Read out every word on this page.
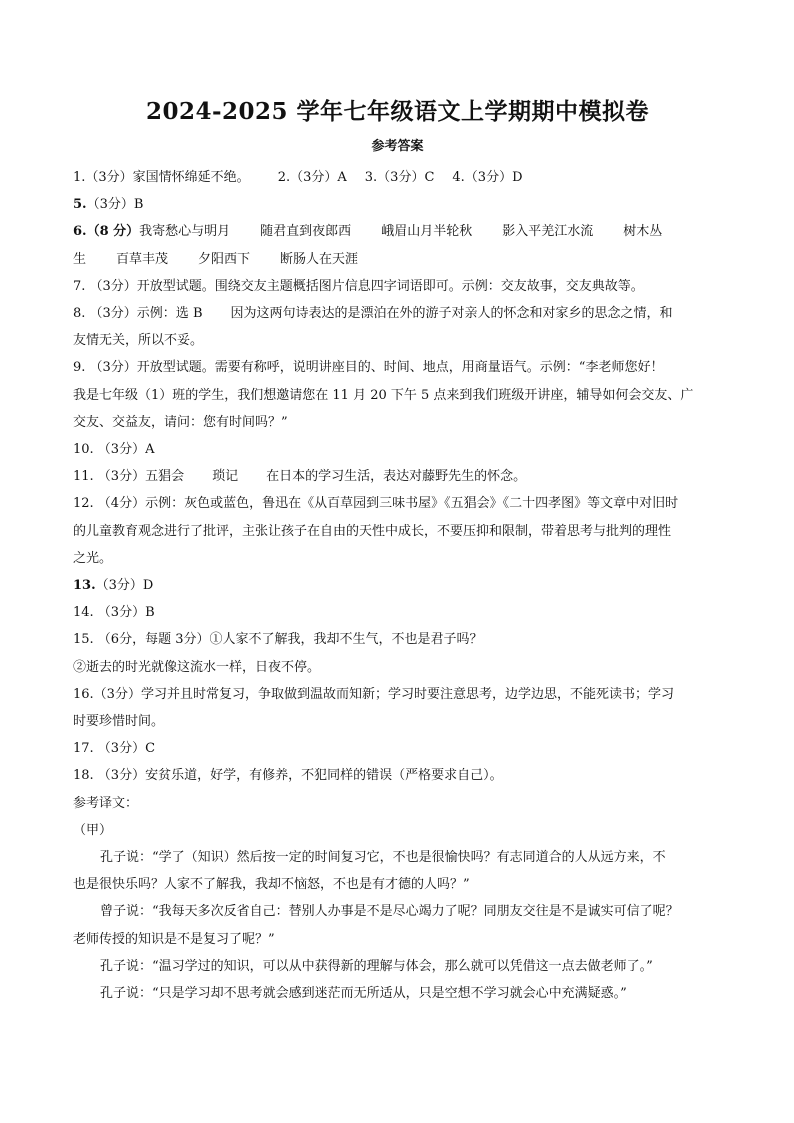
2024-2025 学年七年级语文上学期期中模拟卷
参考答案
1.（3分）家国情怀绵延不绝。 2.（3分）A 3.（3分）C 4.（3分）D
5.（3分）B
6.（8 分）我寄愁心与明月 随君直到夜郎西 峨眉山月半轮秋 影入平羌江水流 树木丛
生 百草丰茂 夕阳西下 断肠人在天涯
7. （3分）开放型试题。围绕交友主题概括图片信息四字词语即可。示例：交友故事，交友典故等。
8. （3分）示例：选 B 因为这两句诗表达的是漂泊在外的游子对亲人的怀念和对家乡的思念之情，和
友情无关，所以不妥。
9. （3分）开放型试题。需要有称呼，说明讲座目的、时间、地点，用商量语气。示例：“李老师您好！
我是七年级（1）班的学生，我们想邀请您在 11 月 20 下午 5 点来到我们班级开讲座，辅导如何会交友、广
交友、交益友，请问：您有时间吗？”
10. （3分）A
11. （3分）五猖会 琐记 在日本的学习生活，表达对藤野先生的怀念。
12. （4分）示例：灰色或蓝色，鲁迅在《从百草园到三味书屋》《五猖会》《二十四孝图》等文章中对旧时
的儿童教育观念进行了批评，主张让孩子在自由的天性中成长，不要压抑和限制，带着思考与批判的理性
之光。
13.（3分）D
14. （3分）B
15. （6分，每题 3分）①人家不了解我，我却不生气，不也是君子吗？
②逝去的时光就像这流水一样，日夜不停。
16.（3分）学习并且时常复习，争取做到温故而知新；学习时要注意思考，边学边思，不能死读书；学习
时要珍惜时间。
17. （3分）C
18. （3分）安贫乐道，好学，有修养，不犯同样的错误（严格要求自己）。
参考译文：
（甲）
孔子说：“学了（知识）然后按一定的时间复习它，不也是很愉快吗？有志同道合的人从远方来，不
也是很快乐吗？人家不了解我，我却不恼怒，不也是有才德的人吗？”
曾子说：“我每天多次反省自己：替别人办事是不是尽心竭力了呢？同朋友交往是不是诚实可信了呢？
老师传授的知识是不是复习了呢？”
孔子说：“温习学过的知识，可以从中获得新的理解与体会，那么就可以凭借这一点去做老师了。”
孔子说：“只是学习却不思考就会感到迷茫而无所适从，只是空想不学习就会心中充满疑惑。”
